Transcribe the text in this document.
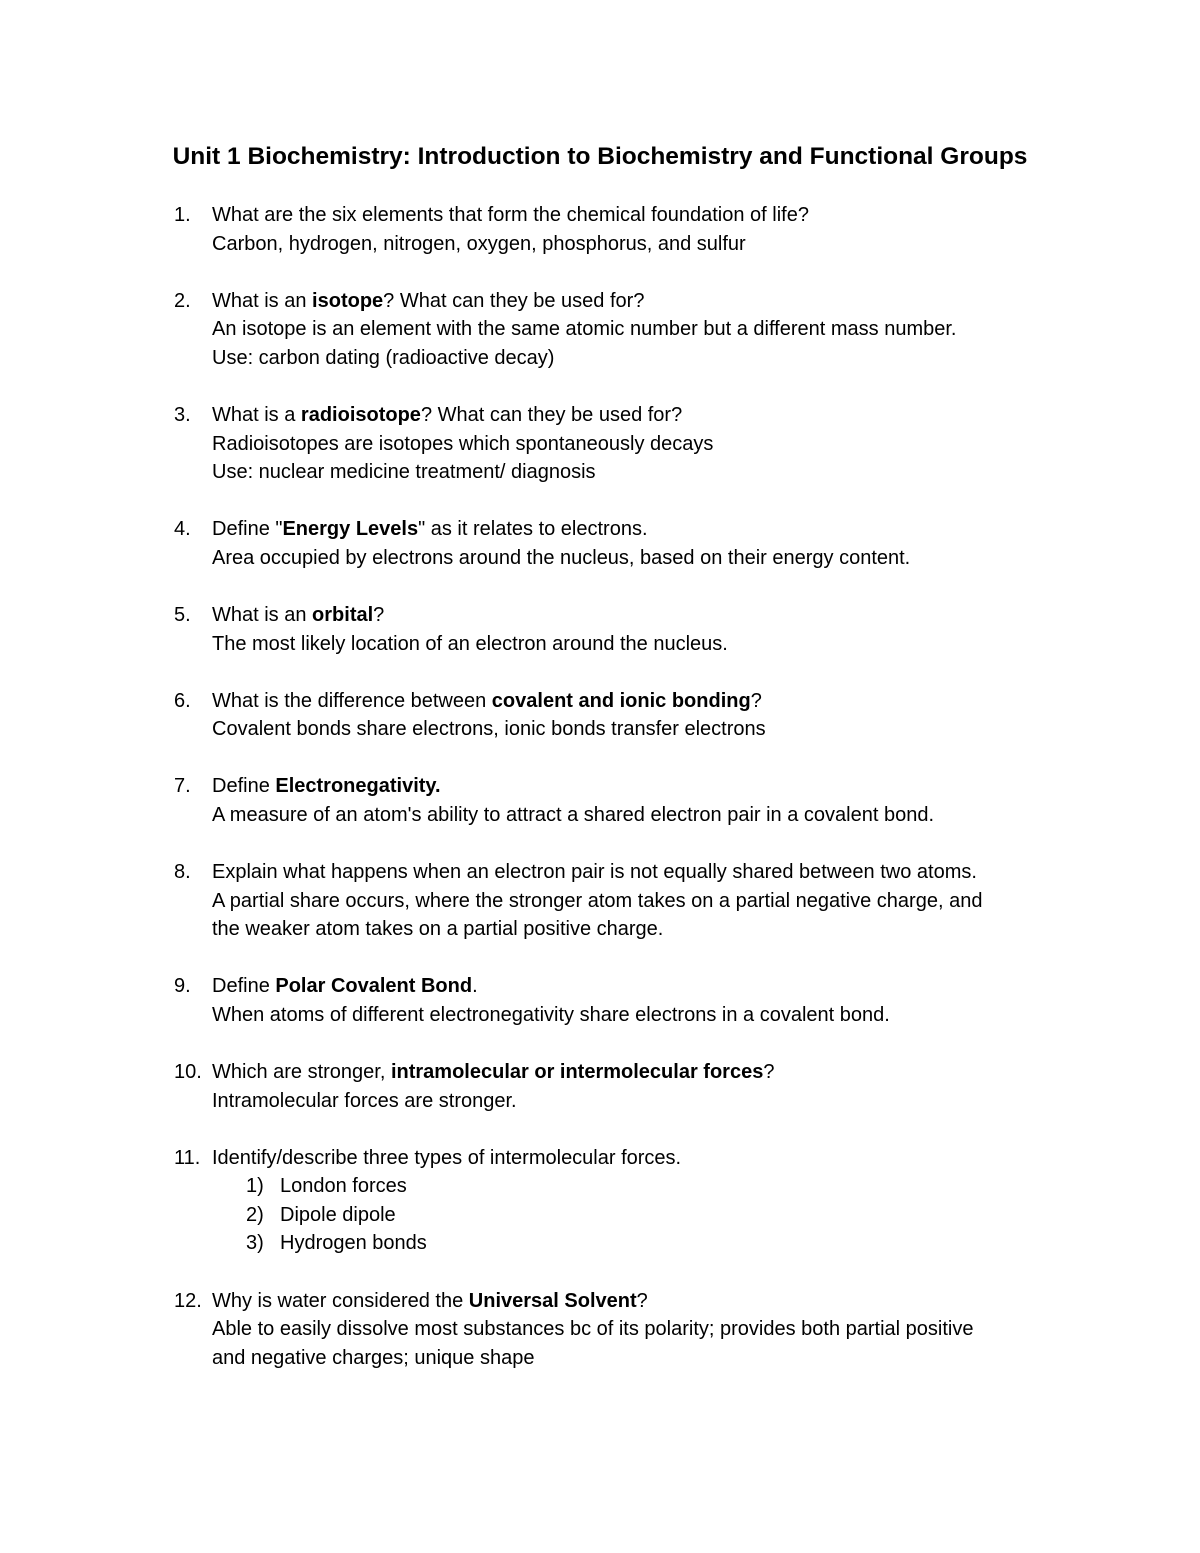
Unit 1 Biochemistry: Introduction to Biochemistry and Functional Groups
1.	What are the six elements that form the chemical foundation of life?
Carbon, hydrogen, nitrogen, oxygen, phosphorus, and sulfur
2.	What is an isotope? What can they be used for?
An isotope is an element with the same atomic number but a different mass number.
Use: carbon dating (radioactive decay)
3.	What is a radioisotope? What can they be used for?
Radioisotopes are isotopes which spontaneously decays
Use: nuclear medicine treatment/ diagnosis
4.	Define "Energy Levels" as it relates to electrons.
Area occupied by electrons around the nucleus, based on their energy content.
5.	What is an orbital?
The most likely location of an electron around the nucleus.
6.	What is the difference between covalent and ionic bonding?
Covalent bonds share electrons, ionic bonds transfer electrons
7.	Define Electronegativity.
A measure of an atom's ability to attract a shared electron pair in a covalent bond.
8.	Explain what happens when an electron pair is not equally shared between two atoms.
A partial share occurs, where the stronger atom takes on a partial negative charge, and
the weaker atom takes on a partial positive charge.
9.	Define Polar Covalent Bond.
When atoms of different electronegativity share electrons in a covalent bond.
10. Which are stronger, intramolecular or intermolecular forces?
Intramolecular forces are stronger.
11. Identify/describe three types of intermolecular forces.
1) London forces
2) Dipole dipole
3) Hydrogen bonds
12. Why is water considered the Universal Solvent?
Able to easily dissolve most substances bc of its polarity; provides both partial positive
and negative charges; unique shape
